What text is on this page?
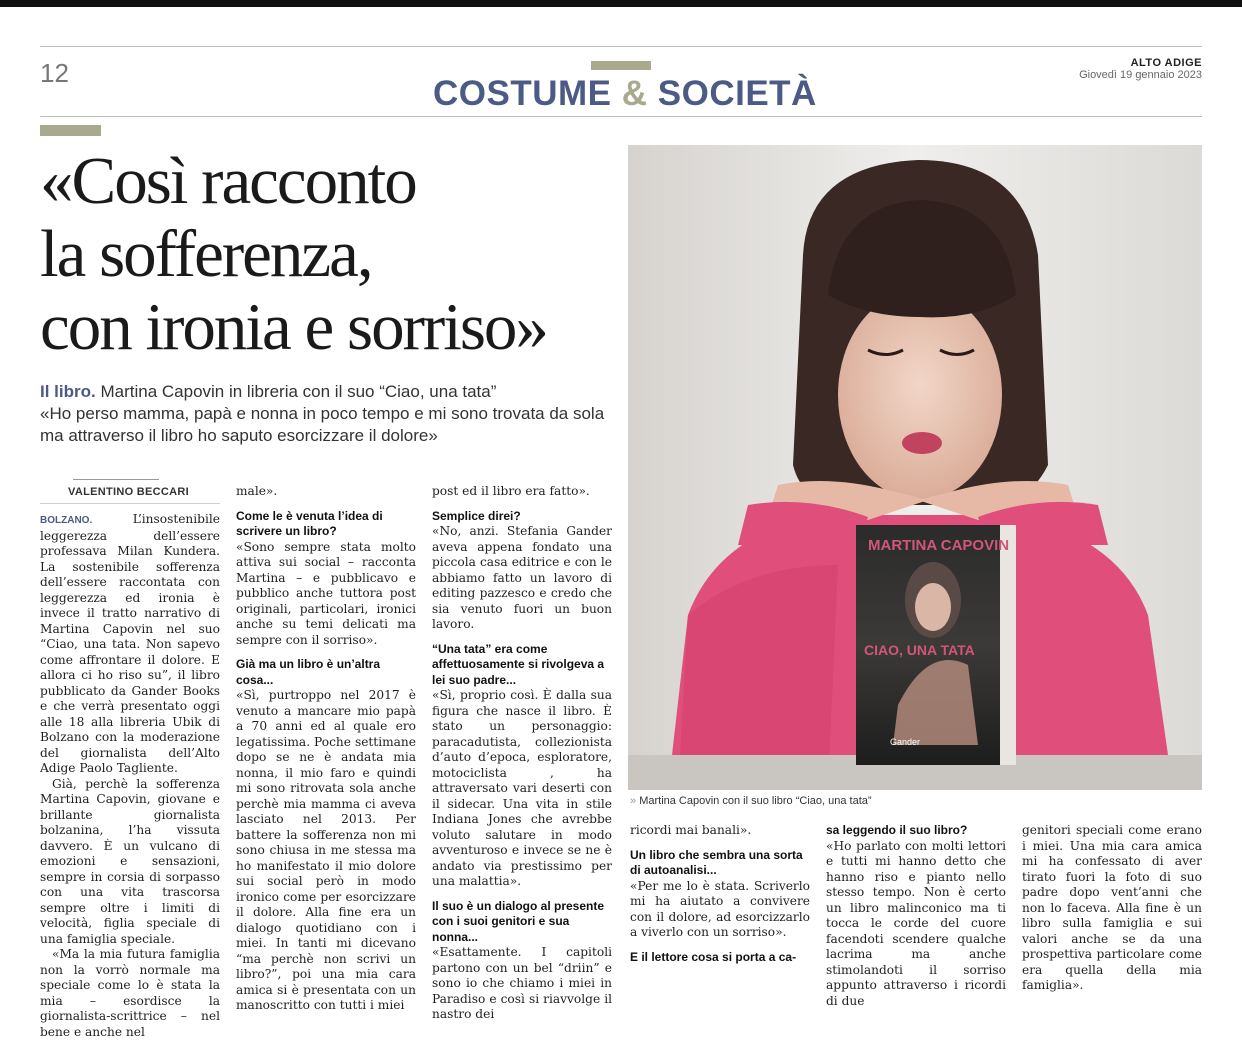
12
COSTUME & SOCIETÀ
ALTO ADIGE
Giovedì 19 gennaio 2023
«Così racconto
la sofferenza,
con ironia e sorriso»
Il libro. Martina Capovin in libreria con il suo “Ciao, una tata”
«Ho perso mamma, papà e nonna in poco tempo e mi sono trovata da sola ma attraverso il libro ho saputo esorcizzare il dolore»
VALENTINO BECCARI

BOLZANO.	L’insostenibile leggerezza dell’essere professava Milan Kundera. La sostenibile sofferenza dell’essere raccontata con leggerezza ed ironia è invece il tratto narrativo di Martina Capovin nel suo “Ciao, una tata. Non sapevo come affrontare il dolore. E allora ci ho riso su”, il libro pubblicato da Gander Books e che verrà presentato oggi alle 18 alla libreria Ubik di Bolzano con la moderazione del giornalista dell’Alto Adige Paolo Tagliente.

Già, perchè la sofferenza Martina Capovin, giovane e brillante giornalista bolzanina, l’ha vissuta davvero. È un vulcano di emozioni e sensazioni, sempre in corsia di sorpasso con una vita trascorsa sempre oltre i limiti di velocità, figlia speciale di una famiglia speciale.

«Ma la mia futura famiglia non la vorrò normale ma speciale come lo è stata la mia – esordisce la giornalista-scrittrice – nel bene e anche nel

male».

Come le è venuta l’idea di scrivere un libro?

«Sono sempre stata molto attiva sui social – racconta Martina – e pubblicavo e pubblico anche tuttora post originali, particolari, ironici anche su temi delicati ma sempre con il sorriso».

Già ma un libro è un’altra cosa...

«Sì, purtroppo nel 2017 è venuto a mancare mio papà a 70 anni ed al quale ero legatissima. Poche settimane dopo se ne è andata mia nonna, il mio faro e quindi mi sono ritrovata sola anche perchè mia mamma ci aveva lasciato nel 2013. Per battere la sofferenza non mi sono chiusa in me stessa ma ho manifestato il mio dolore sui social però in modo ironico come per esorcizzare il dolore. Alla fine era un dialogo quotidiano con i miei. In tanti mi dicevano “ma perchè non scrivi un libro?”, poi una mia cara amica si è presentata con un manoscritto con tutti i miei

post ed il libro era fatto».

Semplice direi?

«No, anzi. Stefania Gander aveva appena fondato una piccola casa editrice e con le abbiamo fatto un lavoro di editing pazzesco e credo che sia venuto fuori un buon lavoro.

“Una tata” era come affettuosamente si rivolgeva a lei suo padre...

«Sì, proprio così. È dalla sua figura che nasce il libro. È stato un personaggio: paracadutista, collezionista d’auto d’epoca, esploratore, motociclista , ha attraversato vari deserti con il sidecar. Una vita in stile Indiana Jones che avrebbe voluto salutare in modo avventuroso e invece se ne è andato via prestissimo per una malattia».

Il suo è un dialogo al presente con i suoi genitori e sua nonna...

«Esattamente. I capitoli partono con un bel “driin” e sono io che chiamo i miei in Paradiso e così si riavvolge il nastro dei

MARTINA CAPOVIN
CIAO, UNA TATA
Gander
» Martina Capovin con il suo libro “Ciao, una tata”

ricordi mai banali».

Un libro che sembra una sorta di autoanalisi...

«Per me lo è stata. Scriverlo mi ha aiutato a convivere con il dolore, ad esorcizzarlo a viverlo con un sorriso».

E il lettore cosa si porta a ca-

sa leggendo il suo libro?

«Ho parlato con molti lettori e tutti mi hanno detto che hanno riso e pianto nello stesso tempo. Non è certo un libro malinconico ma ti tocca le corde del cuore facendoti scendere qualche lacrima ma anche stimolandoti il sorriso appunto attraverso i ricordi di due

genitori speciali come erano i miei. Una mia cara amica mi ha confessato di aver tirato fuori la foto di suo padre dopo vent’anni che non lo faceva. Alla fine è un libro sulla famiglia e sui valori anche se da una prospettiva particolare come era quella della mia famiglia».
